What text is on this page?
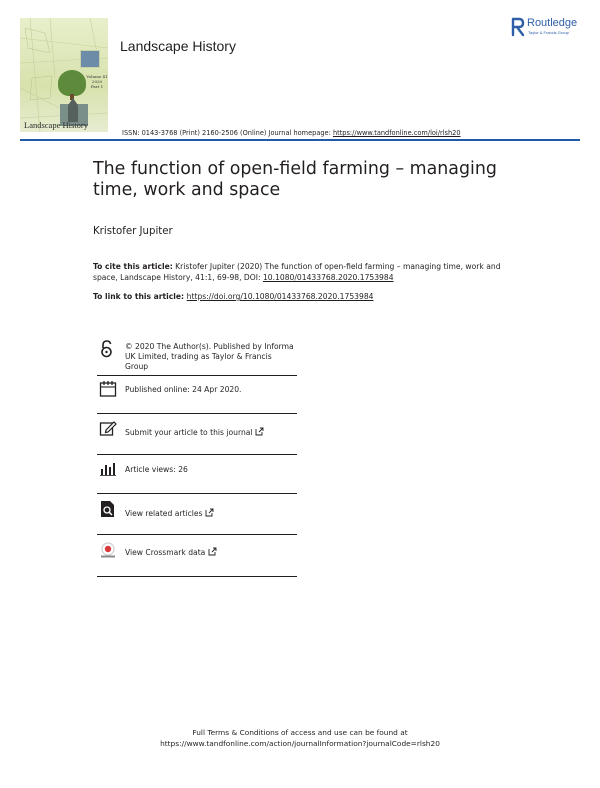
Volume 41
2020
Part 1
Landscape History
Landscape History
Routledge
Taylor & Francis Group
ISSN: 0143-3768 (Print) 2160-2506 (Online) Journal homepage: https://www.tandfonline.com/loi/rlsh20
The function of open-field farming – managing
time, work and space
Kristofer Jupiter
To cite this article: Kristofer Jupiter (2020) The function of open-field farming – managing time, work and space, Landscape History, 41:1, 69-98, DOI: 10.1080/01433768.2020.1753984
To link to this article: https://doi.org/10.1080/01433768.2020.1753984
© 2020 The Author(s). Published by Informa UK Limited, trading as Taylor & Francis Group
Published online: 24 Apr 2020.
Submit your article to this journal
Article views: 26
View related articles
View Crossmark data
Full Terms & Conditions of access and use can be found at
https://www.tandfonline.com/action/journalInformation?journalCode=rlsh20
